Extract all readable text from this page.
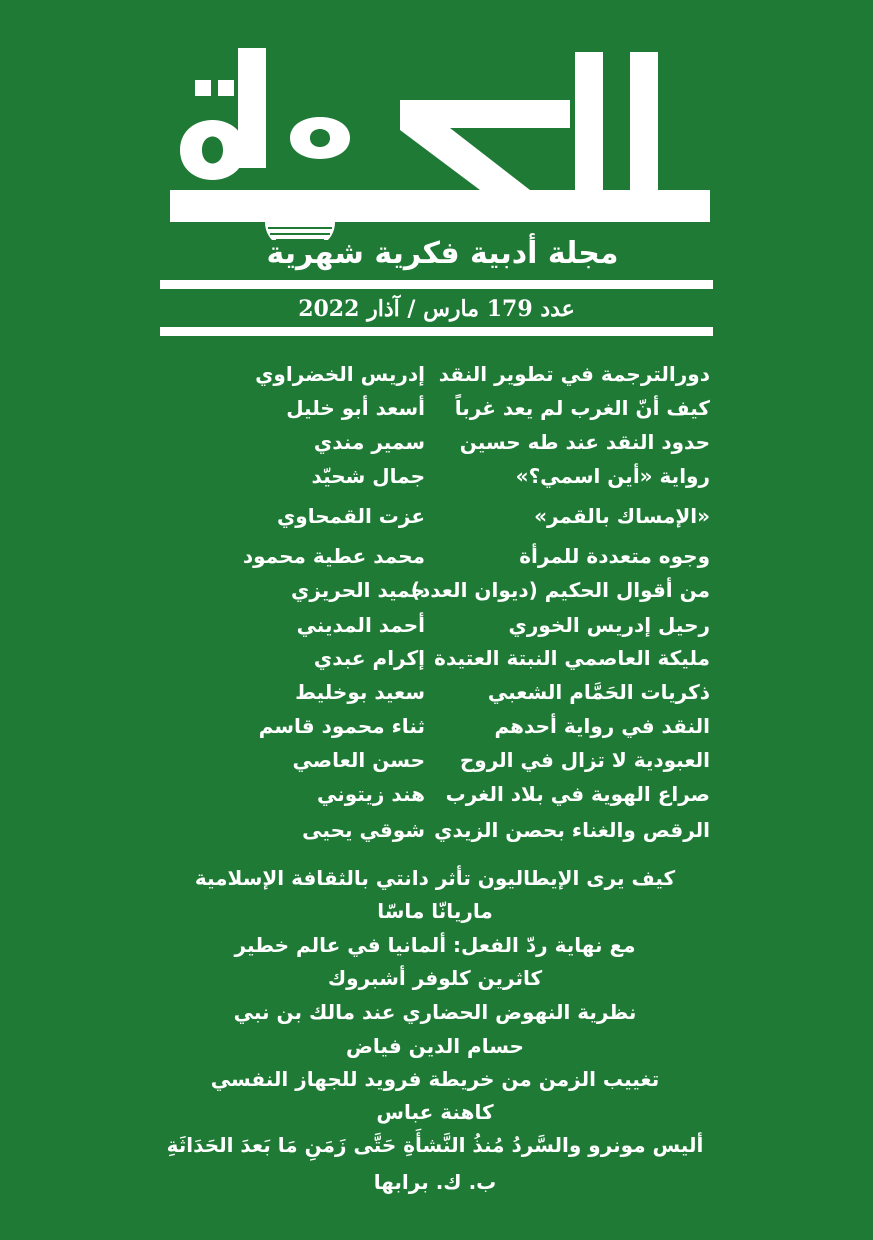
مجلة أدبية فكرية شهرية
عدد 179 مارس / آذار 2022
دورالترجمة في تطوير النقد
إدريس الخضراوي
كيف أنّ الغرب لم يعد غرباً
أسعد أبو خليل
حدود النقد عند طه حسين
سمير مندي
رواية «أين اسمي؟»
جمال شحيّد
«الإمساك بالقمر»
عزت القمحاوي
وجوه متعددة للمرأة
محمد عطية محمود
من أقوال الحكيم (ديوان العدد)
حميد الحريزي
رحيل إدريس الخوري
أحمد المديني
مليكة العاصمي النبتة العتيدة
إكرام عبدي
ذكريات الحَمَّام الشعبي
سعيد بوخليط
النقد في رواية أحدهم
ثناء محمود قاسم
العبودية لا تزال في الروح
حسن العاصي
صراع الهوية في بلاد الغرب
هند زيتوني
الرقص والغناء بحصن الزيدي
شوقي يحيى
كيف يرى الإيطاليون تأثر دانتي بالثقافة الإسلامية
ماريانّا ماسّا
مع نهاية ردّ الفعل: ألمانيا في عالم خطير
كاثرين كلوفر أشبروك
نظرية النهوض الحضاري عند مالك بن نبي
حسام الدين فياض
تغييب الزمن من خريطة فرويد للجهاز النفسي
كاهنة عباس
أليس مونرو والسَّردُ مُنذُ النَّشأَةِ حَتَّى زَمَنِ مَا بَعدَ الحَدَاثَةِ
ب. ك. برابها
